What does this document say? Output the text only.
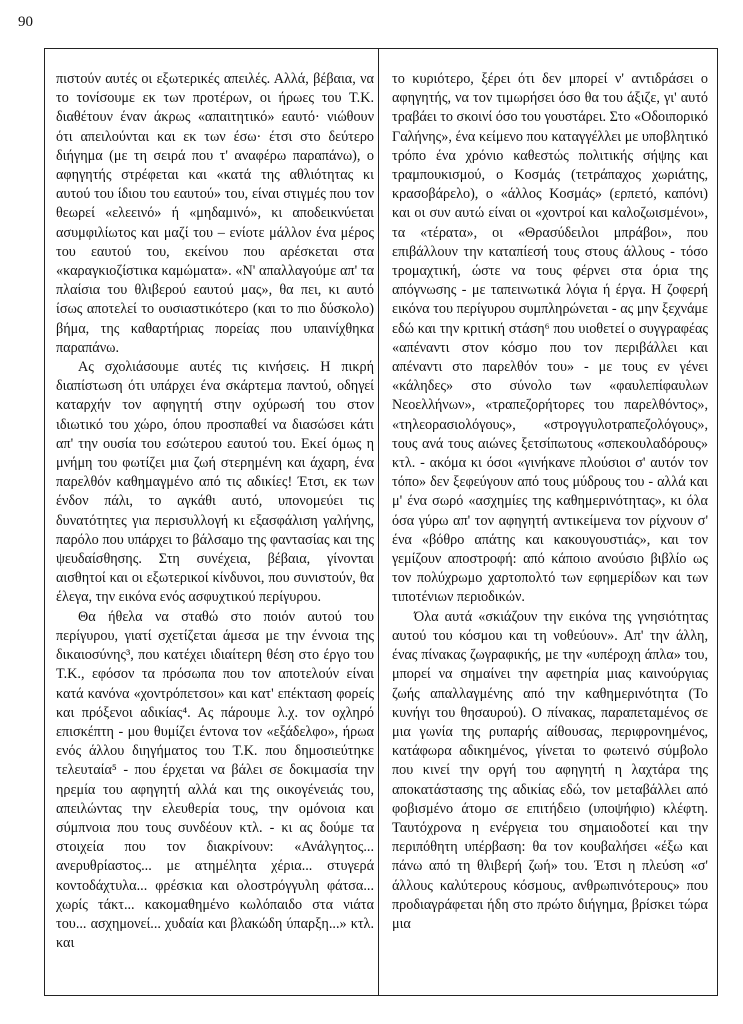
90

πιστούν αυτές οι εξωτερικές απειλές. Αλλά, βέβαια, να το τονίσουμε εκ των προτέρων, οι ήρωες του Τ.Κ. διαθέτουν έναν άκρως «απαιτητικό» εαυτό· νιώθουν ότι απειλούνται και εκ των έσω· έτσι στο δεύτερο διήγημα (με τη σειρά που τ' αναφέρω παραπάνω), ο αφηγητής στρέφεται και «κατά της αθλιότητας κι αυτού του ίδιου του εαυτού» του, είναι στιγμές που τον θεωρεί «ελεεινό» ή «μηδαμινό», κι αποδεικνύεται ασυμφιλίωτος και μαζί του – ενίοτε μάλλον ένα μέρος του εαυτού του, εκείνου που αρέσκεται στα «καραγκιοζίστικα καμώματα». «Ν' απαλλαγούμε απ' τα πλαίσια του θλιβερού εαυτού μας», θα πει, κι αυτό ίσως αποτελεί το ουσιαστικότερο (και το πιο δύσκολο) βήμα, της καθαρτήριας πορείας που υπαινίχθηκα παραπάνω.

Ας σχολιάσουμε αυτές τις κινήσεις. Η πικρή διαπίστωση ότι υπάρχει ένα σκάρτεμα παντού, οδηγεί καταρχήν τον αφηγητή στην οχύρωσή του στον ιδιωτικό του χώρο, όπου προσπαθεί να διασώσει κάτι απ' την ουσία του εσώτερου εαυτού του. Εκεί όμως η μνήμη του φωτίζει μια ζωή στερημένη και άχαρη, ένα παρελθόν καθημαγμένο από τις αδικίες! Έτσι, εκ των ένδον πάλι, το αγκάθι αυτό, υπονομεύει τις δυνατότητες για περισυλλογή κι εξασφάλιση γαλήνης, παρόλο που υπάρχει το βάλσαμο της φαντασίας και της ψευδαίσθησης. Στη συνέχεια, βέβαια, γίνονται αισθητοί και οι εξωτερικοί κίνδυνοι, που συνιστούν, θα έλεγα, την εικόνα ενός ασφυχτικού περίγυρου.

Θα ήθελα να σταθώ στο ποιόν αυτού του περίγυρου, γιατί σχετίζεται άμεσα με την έννοια της δικαιοσύνης³, που κατέχει ιδιαίτερη θέση στο έργο του Τ.Κ., εφόσον τα πρόσωπα που τον αποτελούν είναι κατά κανόνα «χοντρόπετσοι» και κατ' επέκταση φορείς και πρόξενοι αδικίας⁴. Ας πάρουμε λ.χ. τον οχληρό επισκέπτη - μου θυμίζει έντονα τον «εξάδελφο», ήρωα ενός άλλου διηγήματος του Τ.Κ. που δημοσιεύτηκε τελευταία⁵ - που έρχεται να βάλει σε δοκιμασία την ηρεμία του αφηγητή αλλά και της οικογένειάς του, απειλώντας την ελευθερία τους, την ομόνοια και σύμπνοια που τους συνδέουν κτλ. - κι ας δούμε τα στοιχεία που τον διακρίνουν: «Ανάλγητος... ανερυθρίαστος... με ατημέλητα χέρια... στυγερά κοντοδάχτυλα... φρέσκια και ολοστρόγγυλη φάτσα... χωρίς τάκτ... κακομαθημένο κωλόπαιδο στα νιάτα του... ασχημονεί... χυδαία και βλακώδη ύπαρξη...» κτλ. και

το κυριότερο, ξέρει ότι δεν μπορεί ν' αντιδράσει ο αφηγητής, να τον τιμωρήσει όσο θα του άξιζε, γι' αυτό τραβάει το σκοινί όσο του γουστάρει. Στο «Οδοιπορικό Γαλήνης», ένα κείμενο που καταγγέλλει με υποβλητικό τρόπο ένα χρόνιο καθεστώς πολιτικής σήψης και τραμπουκισμού, ο Κοσμάς (τετράπαχος χωριάτης, κρασοβάρελο), ο «άλλος Κοσμάς» (ερπετό, καπόνι) και οι συν αυτώ είναι οι «χοντροί και καλοζωισμένοι», τα «τέρατα», οι «Θρασύδειλοι μπράβοι», που επιβάλλουν την καταπίεσή τους στους άλλους - τόσο τρομαχτική, ώστε να τους φέρνει στα όρια της απόγνωσης - με ταπεινωτικά λόγια ή έργα. Η ζοφερή εικόνα του περίγυρου συμπληρώνεται - ας μην ξεχνάμε εδώ και την κριτική στάση⁶ που υιοθετεί ο συγγραφέας «απέναντι στον κόσμο που τον περιβάλλει και απέναντι στο παρελθόν του» - με τους εν γένει «κάληδες» στο σύνολο των «φαυλεπίφαυλων Νεοελλήνων», «τραπεζορήτορες του παρελθόντος», «τηλεορασιολόγους», «στρογγυλοτραπεζολόγους», τους ανά τους αιώνες ξετσίπωτους «σπεκουλαδόρους» κτλ. - ακόμα κι όσοι «γινήκανε πλούσιοι σ' αυτόν τον τόπο» δεν ξεφεύγουν από τους μύδρους του - αλλά και μ' ένα σωρό «ασχημίες της καθημερινότητας», κι όλα όσα γύρω απ' τον αφηγητή αντικείμενα τον ρίχνουν σ' ένα «βόθρο απάτης και κακουγουστιάς», και τον γεμίζουν αποστροφή: από κάποιο ανούσιο βιβλίο ως τον πολύχρωμο χαρτοπολτό των εφημερίδων και των τιποτένιων περιοδικών.

Όλα αυτά «σκιάζουν την εικόνα της γνησιότητας αυτού του κόσμου και τη νοθεύουν». Απ' την άλλη, ένας πίνακας ζωγραφικής, με την «υπέροχη άπλα» του, μπορεί να σημαίνει την αφετηρία μιας καινούργιας ζωής απαλλαγμένης από την καθημερινότητα (Το κυνήγι του θησαυρού). Ο πίνακας, παραπεταμένος σε μια γωνία της ρυπαρής αίθουσας, περιφρονημένος, κατάφωρα αδικημένος, γίνεται το φωτεινό σύμβολο που κινεί την οργή του αφηγητή η λαχτάρα της αποκατάστασης της αδικίας εδώ, τον μεταβάλλει από φοβισμένο άτομο σε επιτήδειο (υποψήφιο) κλέφτη. Ταυτόχρονα η ενέργεια του σημαιοδοτεί και την περιπόθητη υπέρβαση: θα τον κουβαλήσει «έξω και πάνω από τη θλιβερή ζωή» του. Έτσι η πλεύση «σ' άλλους καλύτερους κόσμους, ανθρωπινότερους» που προδιαγράφεται ήδη στο πρώτο διήγημα, βρίσκει τώρα μια
